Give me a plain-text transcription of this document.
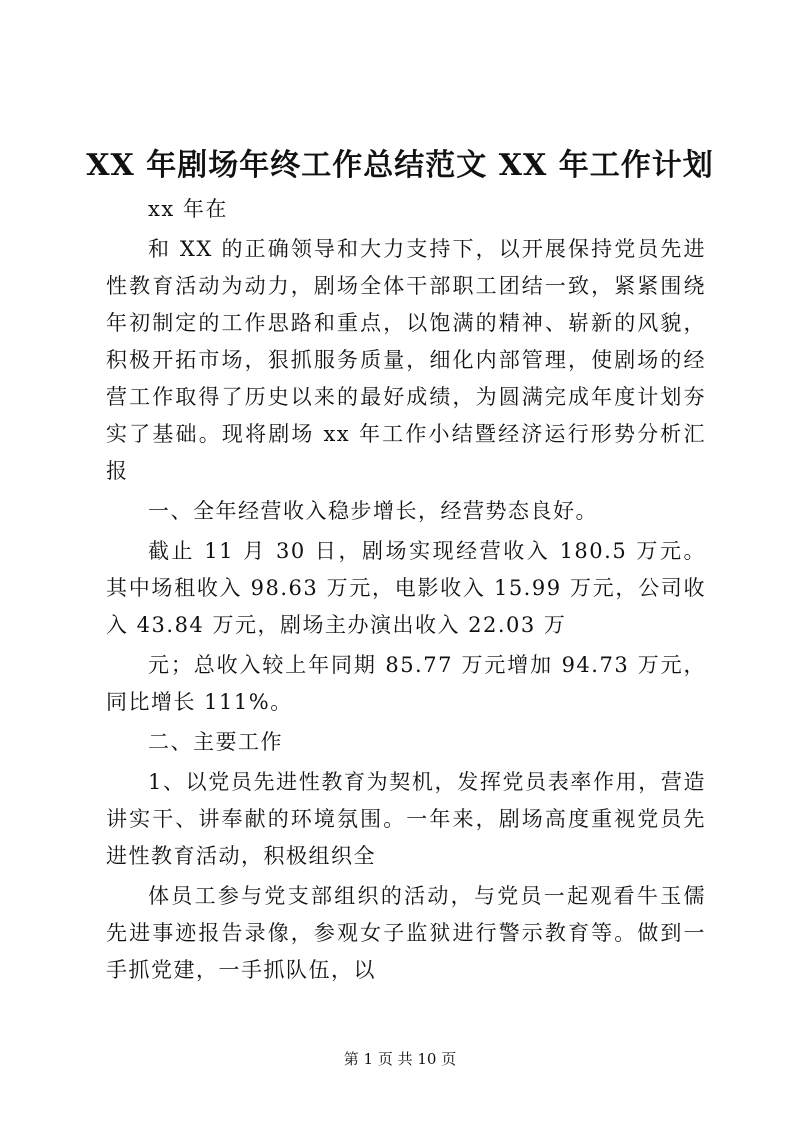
XX 年剧场年终工作总结范文 XX 年工作计划

xx 年在

和 XX 的正确领导和大力支持下，以开展保持党员先进性教育活动为动力，剧场全体干部职工团结一致，紧紧围绕年初制定的工作思路和重点，以饱满的精神、崭新的风貌，积极开拓市场，狠抓服务质量，细化内部管理，使剧场的经营工作取得了历史以来的最好成绩，为圆满完成年度计划夯实了基础。现将剧场 xx 年工作小结暨经济运行形势分析汇报

一、全年经营收入稳步增长，经营势态良好。

截止 11 月 30 日，剧场实现经营收入 180.5 万元。其中场租收入 98.63 万元，电影收入 15.99 万元，公司收入 43.84 万元，剧场主办演出收入 22.03 万

元；总收入较上年同期 85.77 万元增加 94.73 万元，同比增长 111%。

二、主要工作

1、以党员先进性教育为契机，发挥党员表率作用，营造讲实干、讲奉献的环境氛围。一年来，剧场高度重视党员先进性教育活动，积极组织全

体员工参与党支部组织的活动，与党员一起观看牛玉儒先进事迹报告录像，参观女子监狱进行警示教育等。做到一手抓党建，一手抓队伍，以

第 1 页 共 10 页
